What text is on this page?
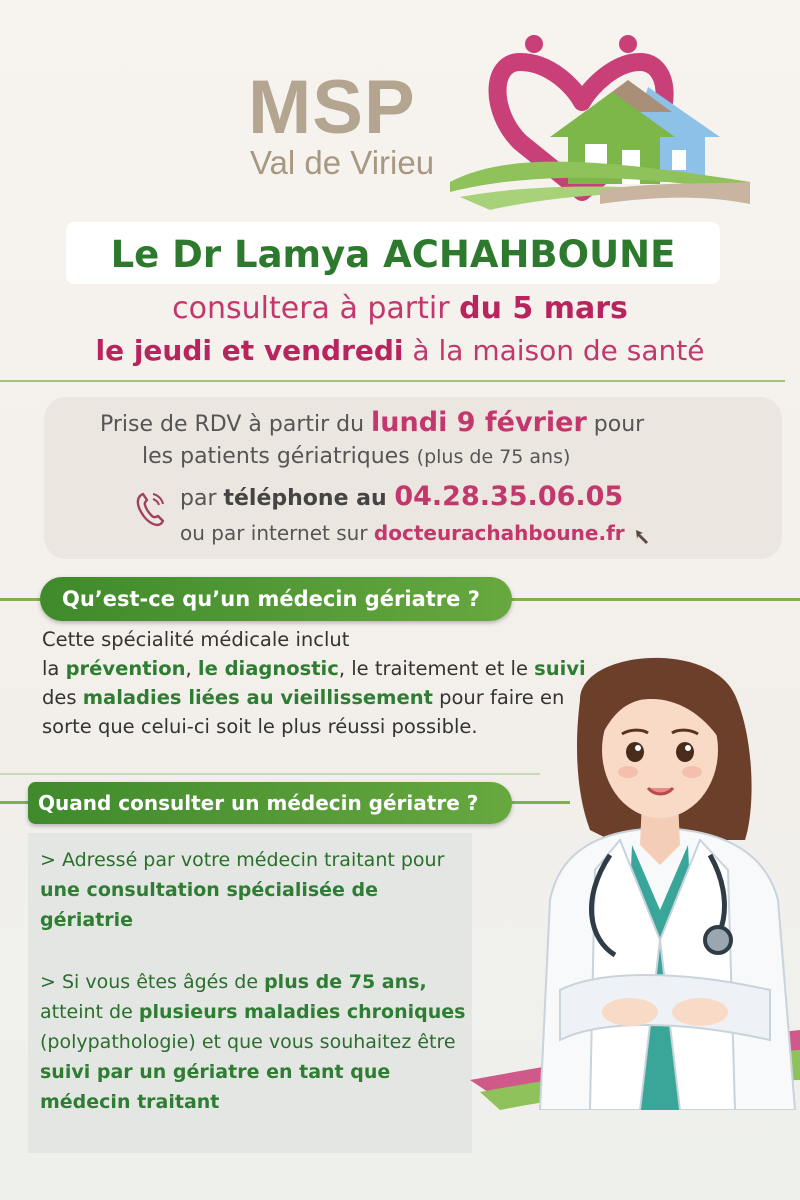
MSP
Val de Virieu
Le Dr Lamya ACHAHBOUNE
consultera à partir du 5 mars
le jeudi et vendredi à la maison de santé
Prise de RDV à partir du lundi 9 février pour
les patients gériatriques (plus de 75 ans)
par téléphone au 04.28.35.06.05
ou par internet sur docteurachahboune.fr
Qu’est-ce qu’un médecin gériatre ?
Cette spécialité médicale inclut
la prévention, le diagnostic, le traitement et le suivi
des maladies liées au vieillissement pour faire en
sorte que celui-ci soit le plus réussi possible.
Quand consulter un médecin gériatre ?

> Adressé par votre médecin traitant pour une consultation spécialisée de gériatrie

> Si vous êtes âgés de plus de 75 ans, atteint de plusieurs maladies chroniques (polypathologie) et que vous souhaitez être suivi par un gériatre en tant que médecin traitant
